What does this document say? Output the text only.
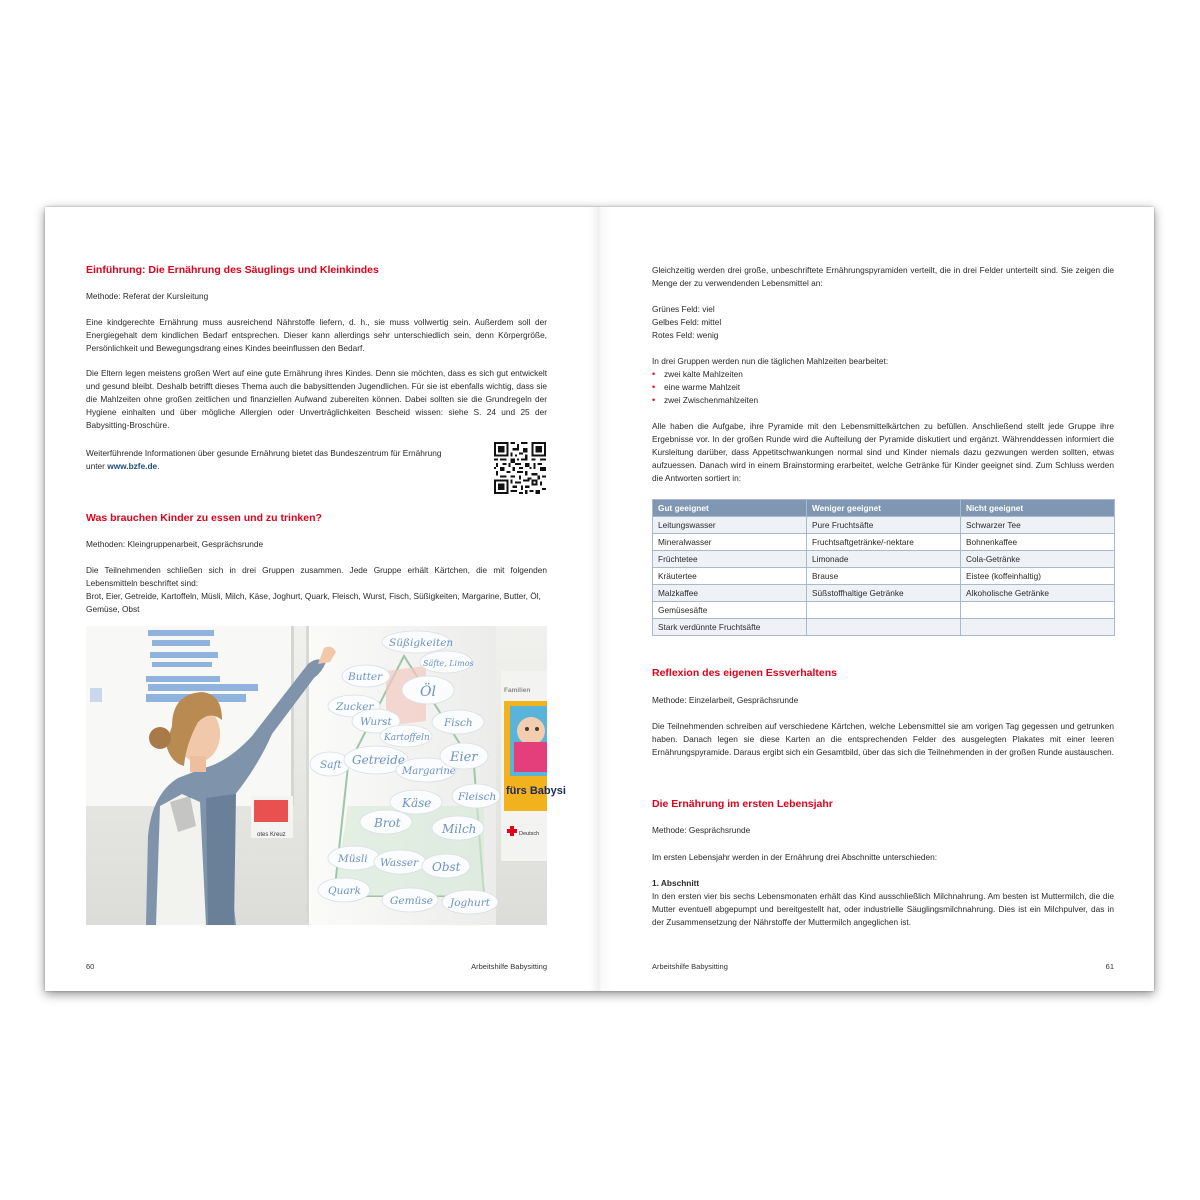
Einführung: Die Ernährung des Säuglings und Kleinkindes

Methode: Referat der Kursleitung

Eine kindgerechte Ernährung muss ausreichend Nährstoffe liefern, d. h., sie muss vollwertig sein. Außerdem soll der Energiegehalt dem kindlichen Bedarf entsprechen. Dieser kann allerdings sehr unterschiedlich sein, denn Körpergröße, Persönlichkeit und Bewegungsdrang eines Kindes beeinflussen den Bedarf.

Die Eltern legen meistens großen Wert auf eine gute Ernährung ihres Kindes. Denn sie möchten, dass es sich gut entwickelt und gesund bleibt. Deshalb betrifft dieses Thema auch die babysittenden Jugendlichen. Für sie ist ebenfalls wichtig, dass sie die Mahlzeiten ohne großen zeitlichen und finanziellen Aufwand zubereiten können. Dabei sollten sie die Grundregeln der Hygiene einhalten und über mögliche Allergien oder Unverträglichkeiten Bescheid wissen: siehe S. 24 und 25 der Babysitting-Broschüre.

Weiterführende Informationen über gesunde Ernährung bietet das Bundeszentrum für Ernährung unter www.bzfe.de.

Was brauchen Kinder zu essen und zu trinken?

Methoden: Kleingruppenarbeit, Gesprächsrunde

Die Teilnehmenden schließen sich in drei Gruppen zusammen. Jede Gruppe erhält Kärtchen, die mit folgenden Lebensmitteln beschriftet sind:

Brot, Eier, Getreide, Kartoffeln, Müsli, Milch, Käse, Joghurt, Quark, Fleisch, Wurst, Fisch, Süßigkeiten, Margarine, Butter, Öl, Gemüse, Obst

otes Kreuz
Familien
fürs Babysi
Deutsch
Süßigkeiten
Säfte, Limos
Butter
Öl
Zucker
Wurst
Kartoffeln
Fisch
Saft Getreide
Margarine
Eier
Brot
Käse	Fleisch
Milch
Müsli Wasser Obst
Quark
Gemüse Joghurt
60	Arbeitshilfe Babysitting

Gleichzeitig werden drei große, unbeschriftete Ernährungspyramiden verteilt, die in drei Felder unterteilt sind. Sie zeigen die Menge der zu verwendenden Lebensmittel an:

Grünes Feld: viel

Gelbes Feld: mittel

Rotes Feld: wenig

In drei Gruppen werden nun die täglichen Mahlzeiten bearbeitet:

• zwei kalte Mahlzeiten
• eine warme Mahlzeit
• zwei Zwischenmahlzeiten

Alle haben die Aufgabe, ihre Pyramide mit den Lebensmittelkärtchen zu befüllen. Anschließend stellt jede Gruppe ihre Ergebnisse vor. In der großen Runde wird die Aufteilung der Pyramide diskutiert und ergänzt. Währenddessen informiert die Kursleitung darüber, dass Appetitschwankungen normal sind und Kinder niemals dazu gezwungen werden sollten, etwas aufzuessen. Danach wird in einem Brainstorming erarbeitet, welche Getränke für Kinder geeignet sind. Zum Schluss werden die Antworten sortiert in:

Gut geeignet	Weniger geeignet	Nicht geeignet
Leitungswasser	Pure Fruchtsäfte	Schwarzer Tee
Mineralwasser	Fruchtsaftgetränke/-nektare	Bohnenkaffee
Früchtetee	Limonade	Cola-Getränke
Kräutertee	Brause	Eistee (koffeinhaltig)
Malzkaffee	Süßstoffhaltige Getränke	Alkoholische Getränke
Gemüsesäfte		
Stark verdünnte Fruchtsäfte		

Reflexion des eigenen Essverhaltens

Methode: Einzelarbeit, Gesprächsrunde

Die Teilnehmenden schreiben auf verschiedene Kärtchen, welche Lebensmittel sie am vorigen Tag gegessen und getrunken haben. Danach legen sie diese Karten an die entsprechenden Felder des ausgelegten Plakates mit einer leeren Ernährungspyramide. Daraus ergibt sich ein Gesamtbild, über das sich die Teilnehmenden in der großen Runde austauschen.

Die Ernährung im ersten Lebensjahr

Methode: Gesprächsrunde

Im ersten Lebensjahr werden in der Ernährung drei Abschnitte unterschieden:

1. Abschnitt

In den ersten vier bis sechs Lebensmonaten erhält das Kind ausschließlich Milchnahrung. Am besten ist Muttermilch, die die Mutter eventuell abgepumpt und bereitgestellt hat, oder industrielle Säuglingsmilchnahrung. Dies ist ein Milchpulver, das in der Zusammensetzung der Nährstoffe der Muttermilch angeglichen ist.

Arbeitshilfe Babysitting	61
